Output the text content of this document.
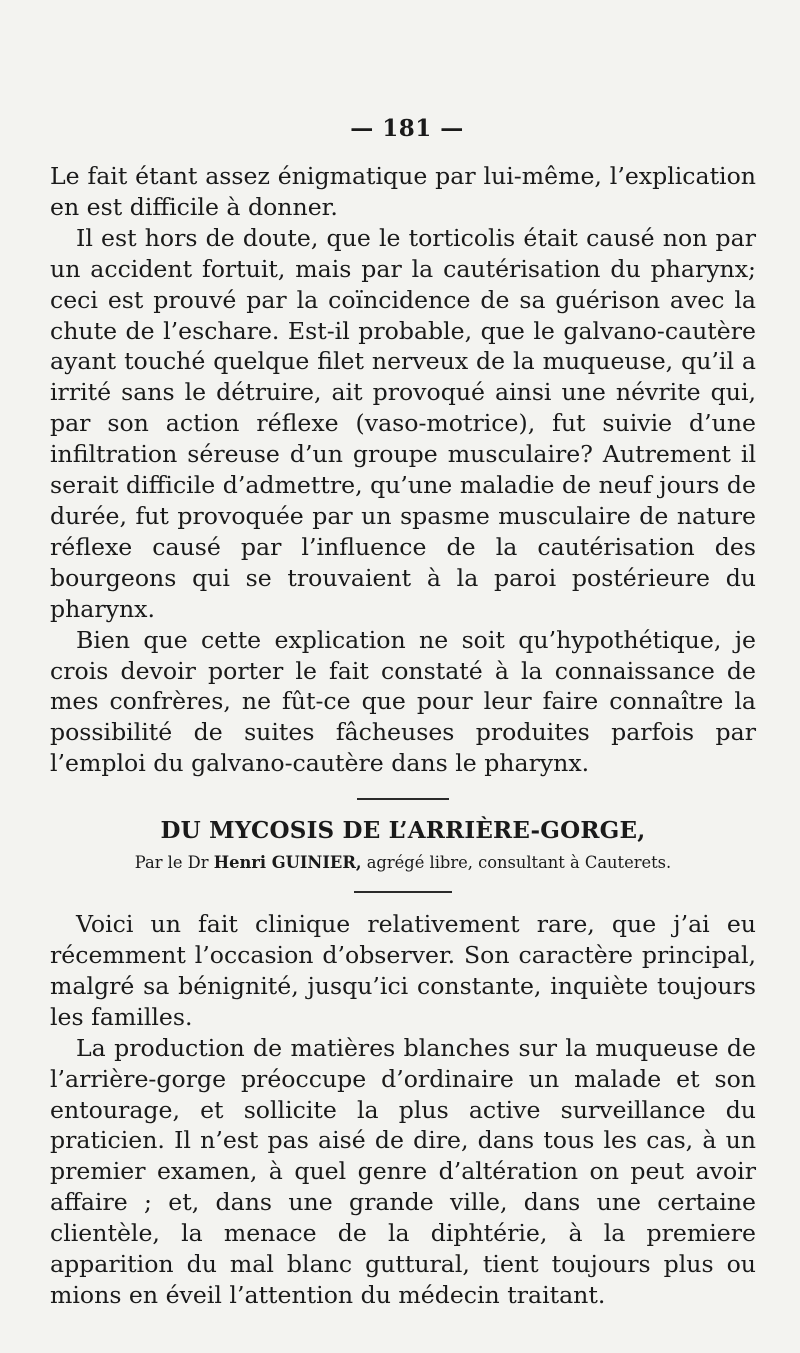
— 181 —

Le fait étant assez énigmatique par lui-même, l’explication en est difficile à donner.

Il est hors de doute, que le torticolis était causé non par un accident fortuit, mais par la cautérisation du pharynx; ceci est prouvé par la coïncidence de sa guérison avec la chute de l’eschare. Est-il probable, que le galvano-cautère ayant touché quelque filet nerveux de la muqueuse, qu’il a irrité sans le détruire, ait provoqué ainsi une névrite qui, par son action réflexe (vaso-motrice), fut suivie d’une infiltration séreuse d’un groupe musculaire? Autrement il serait difficile d’admettre, qu’une maladie de neuf jours de durée, fut provoquée par un spasme musculaire de nature réflexe causé par l’influence de la cautérisation des bourgeons qui se trouvaient à la paroi postérieure du pharynx.

Bien que cette explication ne soit qu’hypothétique, je crois devoir porter le fait constaté à la connaissance de mes confrères, ne fût-ce que pour leur faire connaître la possibilité de suites fâcheuses produites parfois par l’emploi du galvano-cautère dans le pharynx.

DU MYCOSIS DE L’ARRIÈRE-GORGE,

Par le Dr Henri GUINIER, agrégé libre, consultant à Cauterets.

Voici un fait clinique relativement rare, que j’ai eu récemment l’occasion d’observer. Son caractère principal, malgré sa bénignité, jusqu’ici constante, inquiète toujours les familles.

La production de matières blanches sur la muqueuse de l’arrière-gorge préoccupe d’ordinaire un malade et son entourage, et sollicite la plus active surveillance du praticien. Il n’est pas aisé de dire, dans tous les cas, à un premier examen, à quel genre d’altération on peut avoir affaire ; et, dans une grande ville, dans une certaine clientèle, la menace de la diphtérie, à la premiere apparition du mal blanc guttural, tient toujours plus ou mions en éveil l’attention du médecin traitant.
